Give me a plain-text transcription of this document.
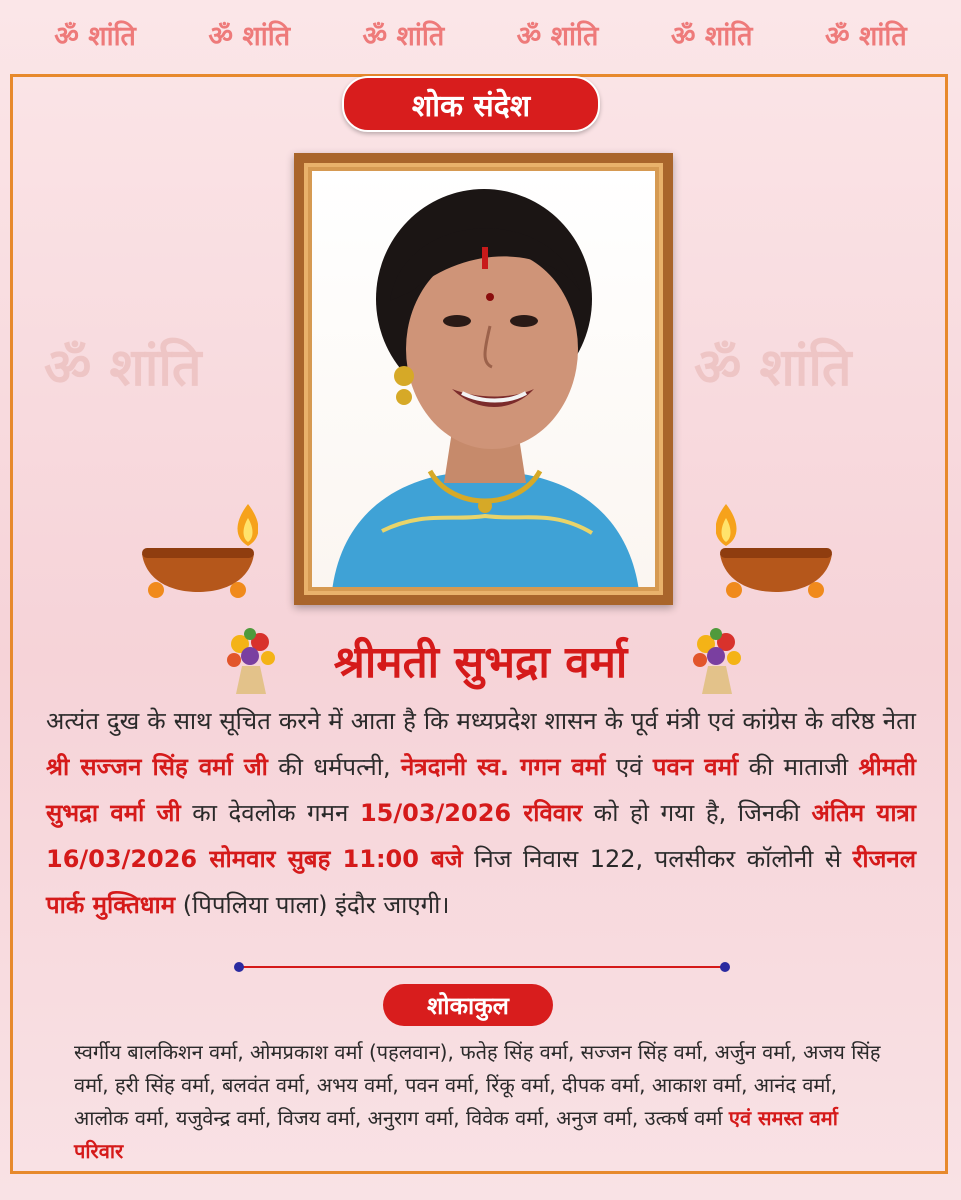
ॐ शांति	ॐ शांति	ॐ शांति	ॐ शांति	ॐ शांति	ॐ शांति
शोक संदेश
ॐ शांति	ॐ शांति
श्रीमती सुभद्रा वर्मा
अत्यंत दुख के साथ सूचित करने में आता है कि मध्यप्रदेश शासन के पूर्व मंत्री एवं कांग्रेस के वरिष्ठ नेता श्री सज्जन सिंह वर्मा जी की धर्मपत्नी, नेत्रदानी स्व. गगन वर्मा एवं पवन वर्मा की माताजी श्रीमती सुभद्रा वर्मा जी का देवलोक गमन 15/03/2026 रविवार को हो गया है, जिनकी अंतिम यात्रा 16/03/2026 सोमवार सुबह 11:00 बजे निज निवास 122, पलसीकर कॉलोनी से रीजनल पार्क मुक्तिधाम (पिपलिया पाला) इंदौर जाएगी।
शोकाकुल
स्वर्गीय बालकिशन वर्मा, ओमप्रकाश वर्मा (पहलवान), फतेह सिंह वर्मा, सज्जन सिंह वर्मा, अर्जुन वर्मा, अजय सिंह वर्मा, हरी सिंह वर्मा, बलवंत वर्मा, अभय वर्मा, पवन वर्मा, रिंकू वर्मा, दीपक वर्मा, आकाश वर्मा, आनंद वर्मा, आलोक वर्मा, यजुवेन्द्र वर्मा, विजय वर्मा, अनुराग वर्मा, विवेक वर्मा, अनुज वर्मा, उत्कर्ष वर्मा एवं समस्त वर्मा परिवार
